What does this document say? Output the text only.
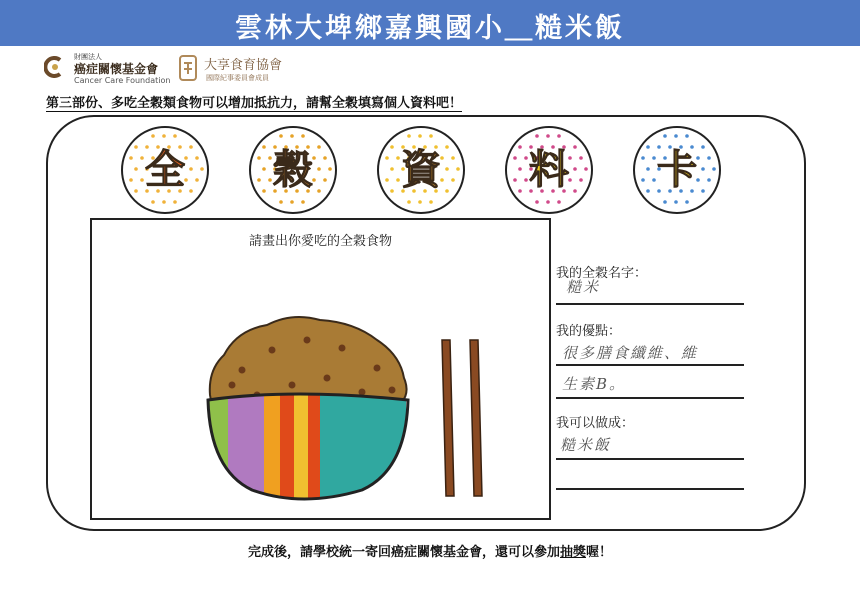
雲林大埤鄉嘉興國小＿糙米飯
財團法人
癌症關懷基金會
Cancer Care Foundation
大享食育協會
國際紀事委員會成員
第三部份、多吃全穀類食物可以增加抵抗力，請幫全穀填寫個人資料吧！
全	穀	資	料	卡
請畫出你愛吃的全穀食物
我的全穀名字：
糙米
我的優點：
很多膳食纖維、維
生素B。
我可以做成：
糙米飯
完成後，請學校統一寄回癌症關懷基金會，還可以參加抽獎喔！
